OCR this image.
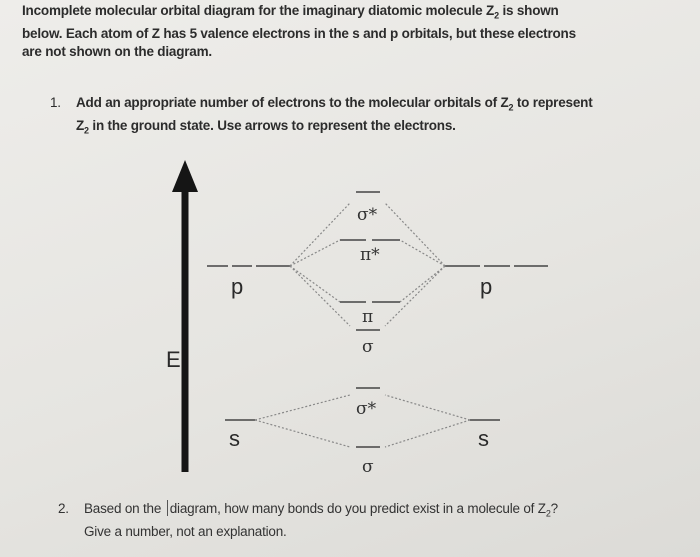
Incomplete molecular orbital diagram for the imaginary diatomic molecule $Z_2$ is shown
below. Each atom of Z has 5 valence electrons in the s and p orbitals, but these electrons
are not shown on the diagram.
1. Add an appropriate number of electrons to the molecular orbitals of $Z_2$ to represent
$Z_2$ in the ground state. Use arrows to represent the electrons.
E
p	p
s	s
σ*
π*
π
σ
σ*
σ
2. Based on the diagram, how many bonds do you predict exist in a molecule of $Z_2$?
Give a number, not an explanation.
